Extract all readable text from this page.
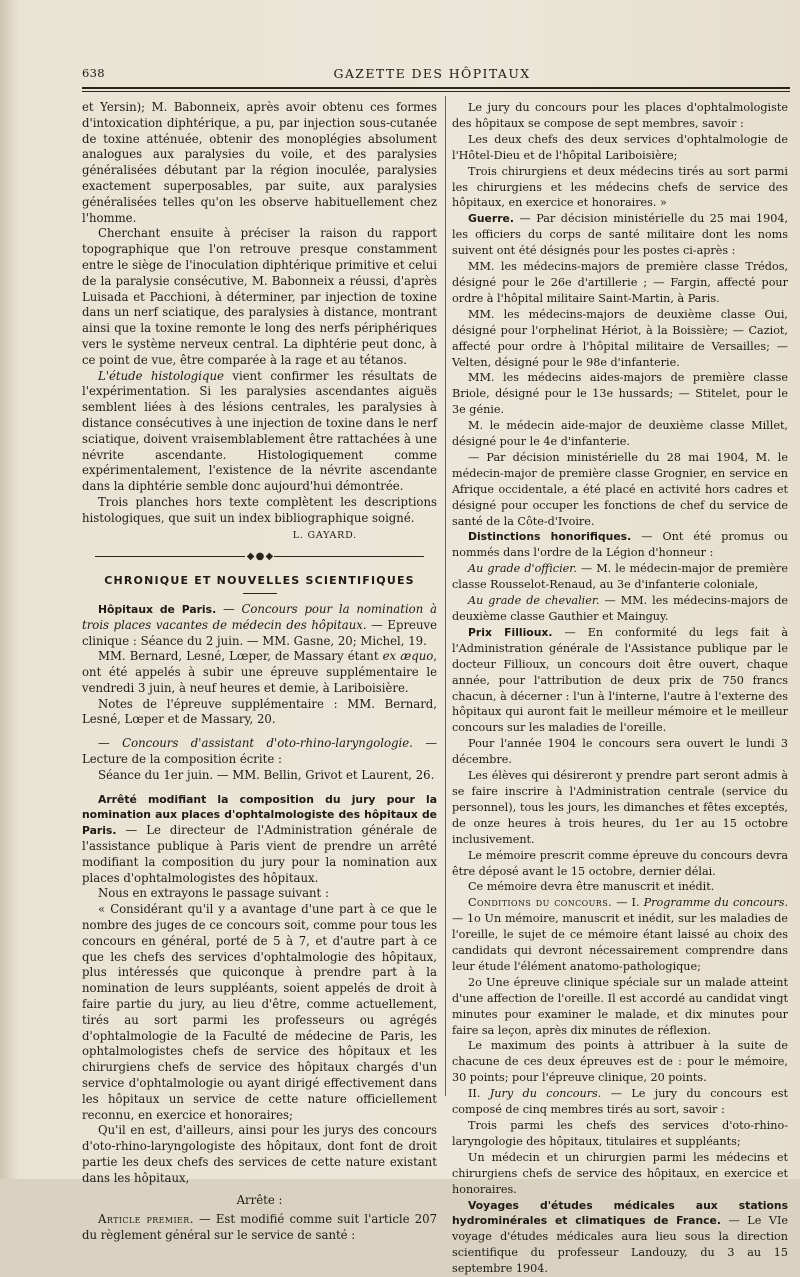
638	GAZETTE DES HÔPITAUX

et Yersin); M. Babonneix, après avoir obtenu ces formes d'intoxication diphtérique, a pu, par injection sous-cutanée de toxine atténuée, obtenir des monoplégies absolument analogues aux paralysies du voile, et des paralysies généralisées débutant par la région inoculée, paralysies exactement superposables, par suite, aux paralysies généralisées telles qu'on les observe habituellement chez l'homme.

Cherchant ensuite à préciser la raison du rapport topographique que l'on retrouve presque constamment entre le siège de l'inoculation diphtérique primitive et celui de la paralysie consécutive, M. Babonneix a réussi, d'après Luisada et Pacchioni, à déterminer, par injection de toxine dans un nerf sciatique, des paralysies à distance, montrant ainsi que la toxine remonte le long des nerfs périphériques vers le système nerveux central. La diphtérie peut donc, à ce point de vue, être comparée à la rage et au tétanos.

L'étude histologique vient confirmer les résultats de l'expérimentation. Si les paralysies ascendantes aiguës semblent liées à des lésions centrales, les paralysies à distance consécutives à une injection de toxine dans le nerf sciatique, doivent vraisemblablement être rattachées à une névrite ascendante. Histologiquement comme expérimentalement, l'existence de la névrite ascendante dans la diphtérie semble donc aujourd'hui démontrée.

Trois planches hors texte complètent les descriptions histologiques, que suit un index bibliographique soigné.

L. GAYARD.
◆ ● ◆
CHRONIQUE ET NOUVELLES SCIENTIFIQUES

Hôpitaux de Paris. — Concours pour la nomination à trois places vacantes de médecin des hôpitaux. — Epreuve clinique : Séance du 2 juin. — MM. Gasne, 20; Michel, 19.

MM. Bernard, Lesné, Lœper, de Massary étant ex æquo, ont été appelés à subir une épreuve supplémentaire le vendredi 3 juin, à neuf heures et demie, à Lariboisière.

Notes de l'épreuve supplémentaire : MM. Bernard, Lesné, Lœper et de Massary, 20.

— Concours d'assistant d'oto-rhino-laryngologie. — Lecture de la composition écrite :

Séance du 1er juin. — MM. Bellin, Grivot et Laurent, 26.

Arrêté modifiant la composition du jury pour la nomination aux places d'ophtalmologiste des hôpitaux de Paris. — Le directeur de l'Administration générale de l'assistance publique à Paris vient de prendre un arrêté modifiant la composition du jury pour la nomination aux places d'ophtalmologistes des hôpitaux.

Nous en extrayons le passage suivant :

« Considérant qu'il y a avantage d'une part à ce que le nombre des juges de ce concours soit, comme pour tous les concours en général, porté de 5 à 7, et d'autre part à ce que les chefs des services d'ophtalmologie des hôpitaux, plus intéressés que quiconque à prendre part à la nomination de leurs suppléants, soient appelés de droit à faire partie du jury, au lieu d'être, comme actuellement, tirés au sort parmi les professeurs ou agrégés d'ophtalmologie de la Faculté de médecine de Paris, les ophtalmologistes chefs de service des hôpitaux et les chirurgiens chefs de service des hôpitaux chargés d'un service d'ophtalmologie ou ayant dirigé effectivement dans les hôpitaux un service de cette nature officiellement reconnu, en exercice et honoraires;

Qu'il en est, d'ailleurs, ainsi pour les jurys des concours d'oto-rhino-laryngologiste des hôpitaux, dont font de droit partie les deux chefs des services de cette nature existant dans les hôpitaux,

Arrête :

Article premier. — Est modifié comme suit l'article 207 du règlement général sur le service de santé :

Le jury du concours pour les places d'ophtalmologiste des hôpitaux se compose de sept membres, savoir :

Les deux chefs des deux services d'ophtalmologie de l'Hôtel-Dieu et de l'hôpital Lariboisière;

Trois chirurgiens et deux médecins tirés au sort parmi les chirurgiens et les médecins chefs de service des hôpitaux, en exercice et honoraires. »

Guerre. — Par décision ministérielle du 25 mai 1904, les officiers du corps de santé militaire dont les noms suivent ont été désignés pour les postes ci-après :

MM. les médecins-majors de première classe Trédos, désigné pour le 26e d'artillerie ; — Fargin, affecté pour ordre à l'hôpital militaire Saint-Martin, à Paris.

MM. les médecins-majors de deuxième classe Oui, désigné pour l'orphelinat Hériot, à la Boissière; — Caziot, affecté pour ordre à l'hôpital militaire de Versailles; — Velten, désigné pour le 98e d'infanterie.

MM. les médecins aides-majors de première classe Briole, désigné pour le 13e hussards; — Stitelet, pour le 3e génie.

M. le médecin aide-major de deuxième classe Millet, désigné pour le 4e d'infanterie.

— Par décision ministérielle du 28 mai 1904, M. le médecin-major de première classe Grognier, en service en Afrique occidentale, a été placé en activité hors cadres et désigné pour occuper les fonctions de chef du service de santé de la Côte-d'Ivoire.

Distinctions honorifiques. — Ont été promus ou nommés dans l'ordre de la Légion d'honneur :

Au grade d'officier. — M. le médecin-major de première classe Rousselot-Renaud, au 3e d'infanterie coloniale,

Au grade de chevalier. — MM. les médecins-majors de deuxième classe Gauthier et Mainguy.

Prix Fillioux. — En conformité du legs fait à l'Administration générale de l'Assistance publique par le docteur Fillioux, un concours doit être ouvert, chaque année, pour l'attribution de deux prix de 750 francs chacun, à décerner : l'un à l'interne, l'autre à l'externe des hôpitaux qui auront fait le meilleur mémoire et le meilleur concours sur les maladies de l'oreille.

Pour l'année 1904 le concours sera ouvert le lundi 3 décembre.

Les élèves qui désireront y prendre part seront admis à se faire inscrire à l'Administration centrale (service du personnel), tous les jours, les dimanches et fêtes exceptés, de onze heures à trois heures, du 1er au 15 octobre inclusivement.

Le mémoire prescrit comme épreuve du concours devra être déposé avant le 15 octobre, dernier délai.

Ce mémoire devra être manuscrit et inédit.

Conditions du concours. — I. Programme du concours. — 1o Un mémoire, manuscrit et inédit, sur les maladies de l'oreille, le sujet de ce mémoire étant laissé au choix des candidats qui devront nécessairement comprendre dans leur étude l'élément anatomo-pathologique;

2o Une épreuve clinique spéciale sur un malade atteint d'une affection de l'oreille. Il est accordé au candidat vingt minutes pour examiner le malade, et dix minutes pour faire sa leçon, après dix minutes de réflexion.

Le maximum des points à attribuer à la suite de chacune de ces deux épreuves est de : pour le mémoire, 30 points; pour l'épreuve clinique, 20 points.

II. Jury du concours. — Le jury du concours est composé de cinq membres tirés au sort, savoir :

Trois parmi les chefs des services d'oto-rhino-laryngologie des hôpitaux, titulaires et suppléants;

Un médecin et un chirurgien parmi les médecins et chirurgiens chefs de service des hôpitaux, en exercice et honoraires.

Voyages d'études médicales aux stations hydrominérales et climatiques de France. — Le VIe voyage d'études médicales aura lieu sous la direction scientifique du professeur Landouzy, du 3 au 15 septembre 1904.
